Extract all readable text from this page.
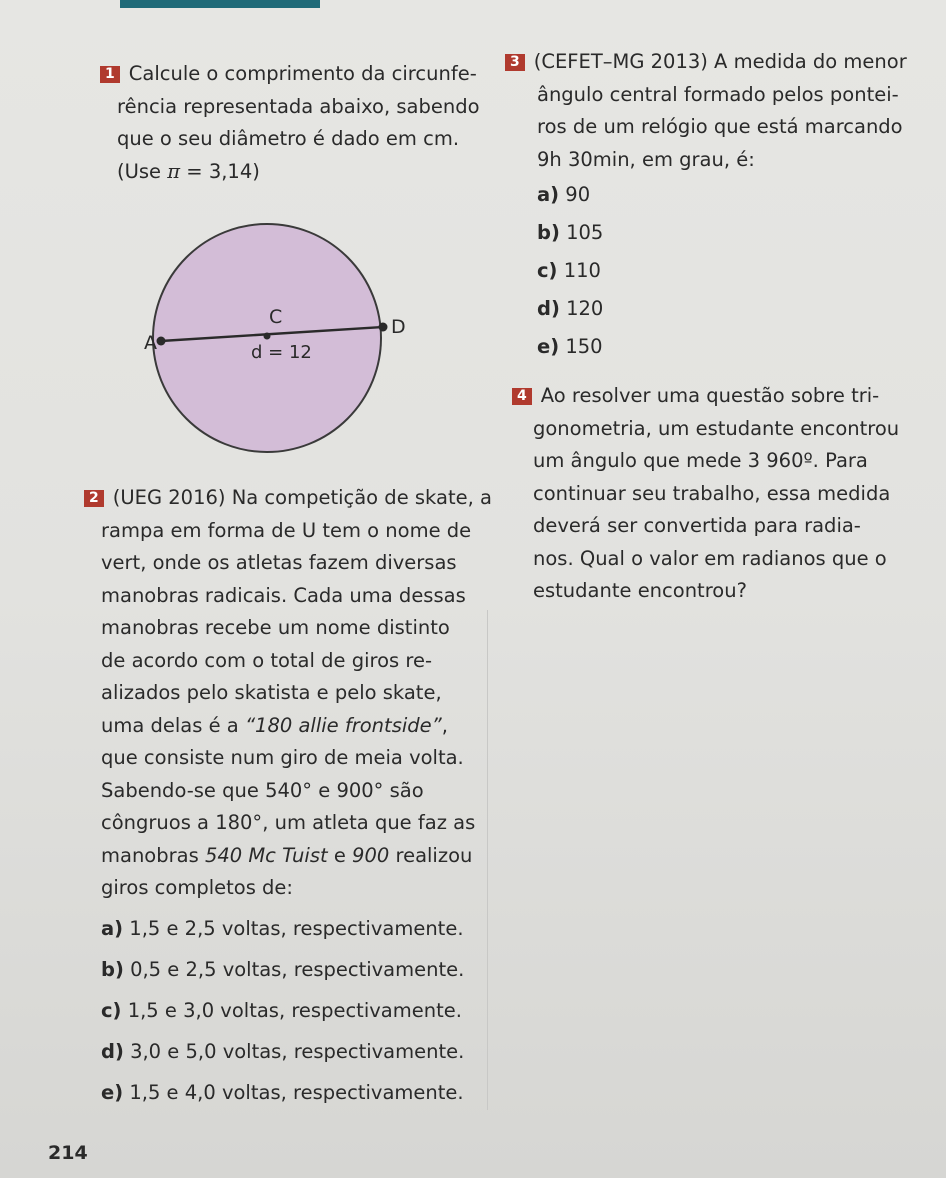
1 Calcule o comprimento da circunfe-
rência representada abaixo, sabendo
que o seu diâmetro é dado em cm.
(Use π = 3,14)
A
C	D
d = 12
2 (UEG 2016) Na competição de skate, a
rampa em forma de U tem o nome de
vert, onde os atletas fazem diversas
manobras radicais. Cada uma dessas
manobras recebe um nome distinto
de acordo com o total de giros re-
alizados pelo skatista e pelo skate,
uma delas é a “180 allie frontside”,
que consiste num giro de meia volta.
Sabendo-se que 540° e 900° são
côngruos a 180°, um atleta que faz as
manobras 540 Mc Tuist e 900 realizou
giros completos de:
a) 1,5 e 2,5 voltas, respectivamente.
b) 0,5 e 2,5 voltas, respectivamente.
c) 1,5 e 3,0 voltas, respectivamente.
d) 3,0 e 5,0 voltas, respectivamente.
e) 1,5 e 4,0 voltas, respectivamente.
3 (CEFET–MG 2013) A medida do menor
ângulo central formado pelos pontei-
ros de um relógio que está marcando
9h 30min, em grau, é:
a) 90
b) 105
c) 110
d) 120
e) 150
4 Ao resolver uma questão sobre tri-
gonometria, um estudante encontrou
um ângulo que mede 3 960º. Para
continuar seu trabalho, essa medida
deverá ser convertida para radia-
nos. Qual o valor em radianos que o
estudante encontrou?
214
